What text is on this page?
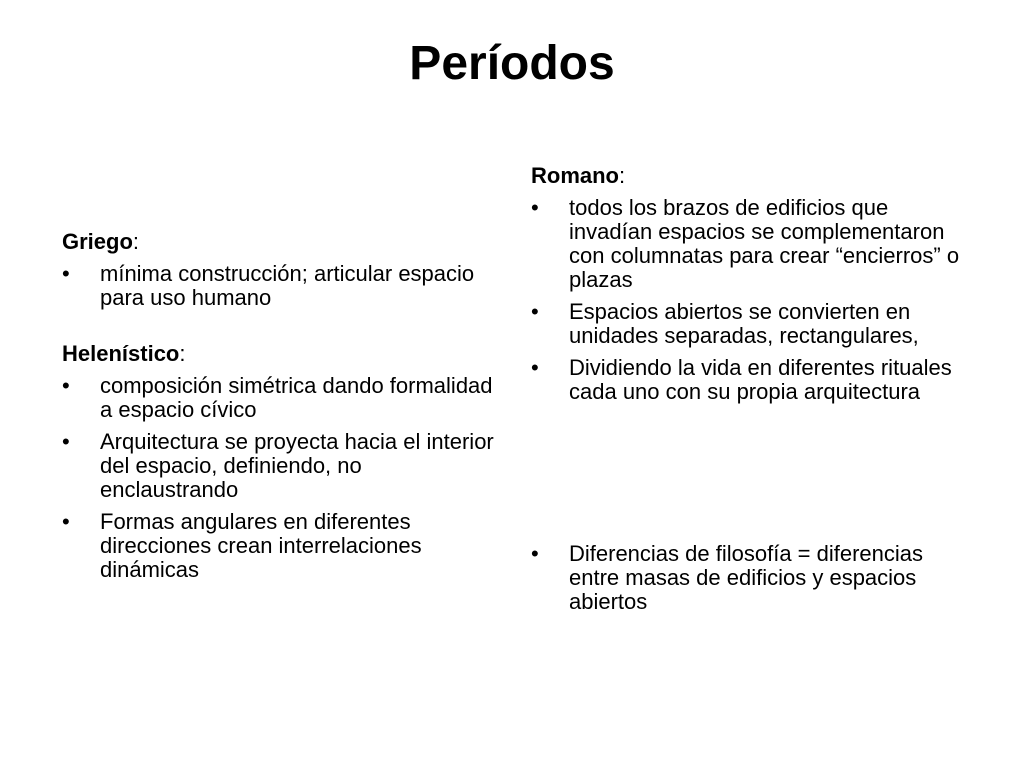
Períodos
Griego:
• mínima construcción; articular espacio para uso humano
Helenístico:
• composición simétrica dando formalidad a espacio cívico
• Arquitectura se proyecta hacia el interior del espacio, definiendo, no enclaustrando
• Formas angulares en diferentes direcciones crean interrelaciones dinámicas
Romano:
• todos los brazos de edificios que invadían espacios se complementaron con columnatas para crear “encierros” o plazas
• Espacios abiertos se convierten en unidades separadas, rectangulares,
• Dividiendo la vida en diferentes rituales cada uno con su propia arquitectura
• Diferencias de filosofía = diferencias entre masas de edificios y espacios abiertos
